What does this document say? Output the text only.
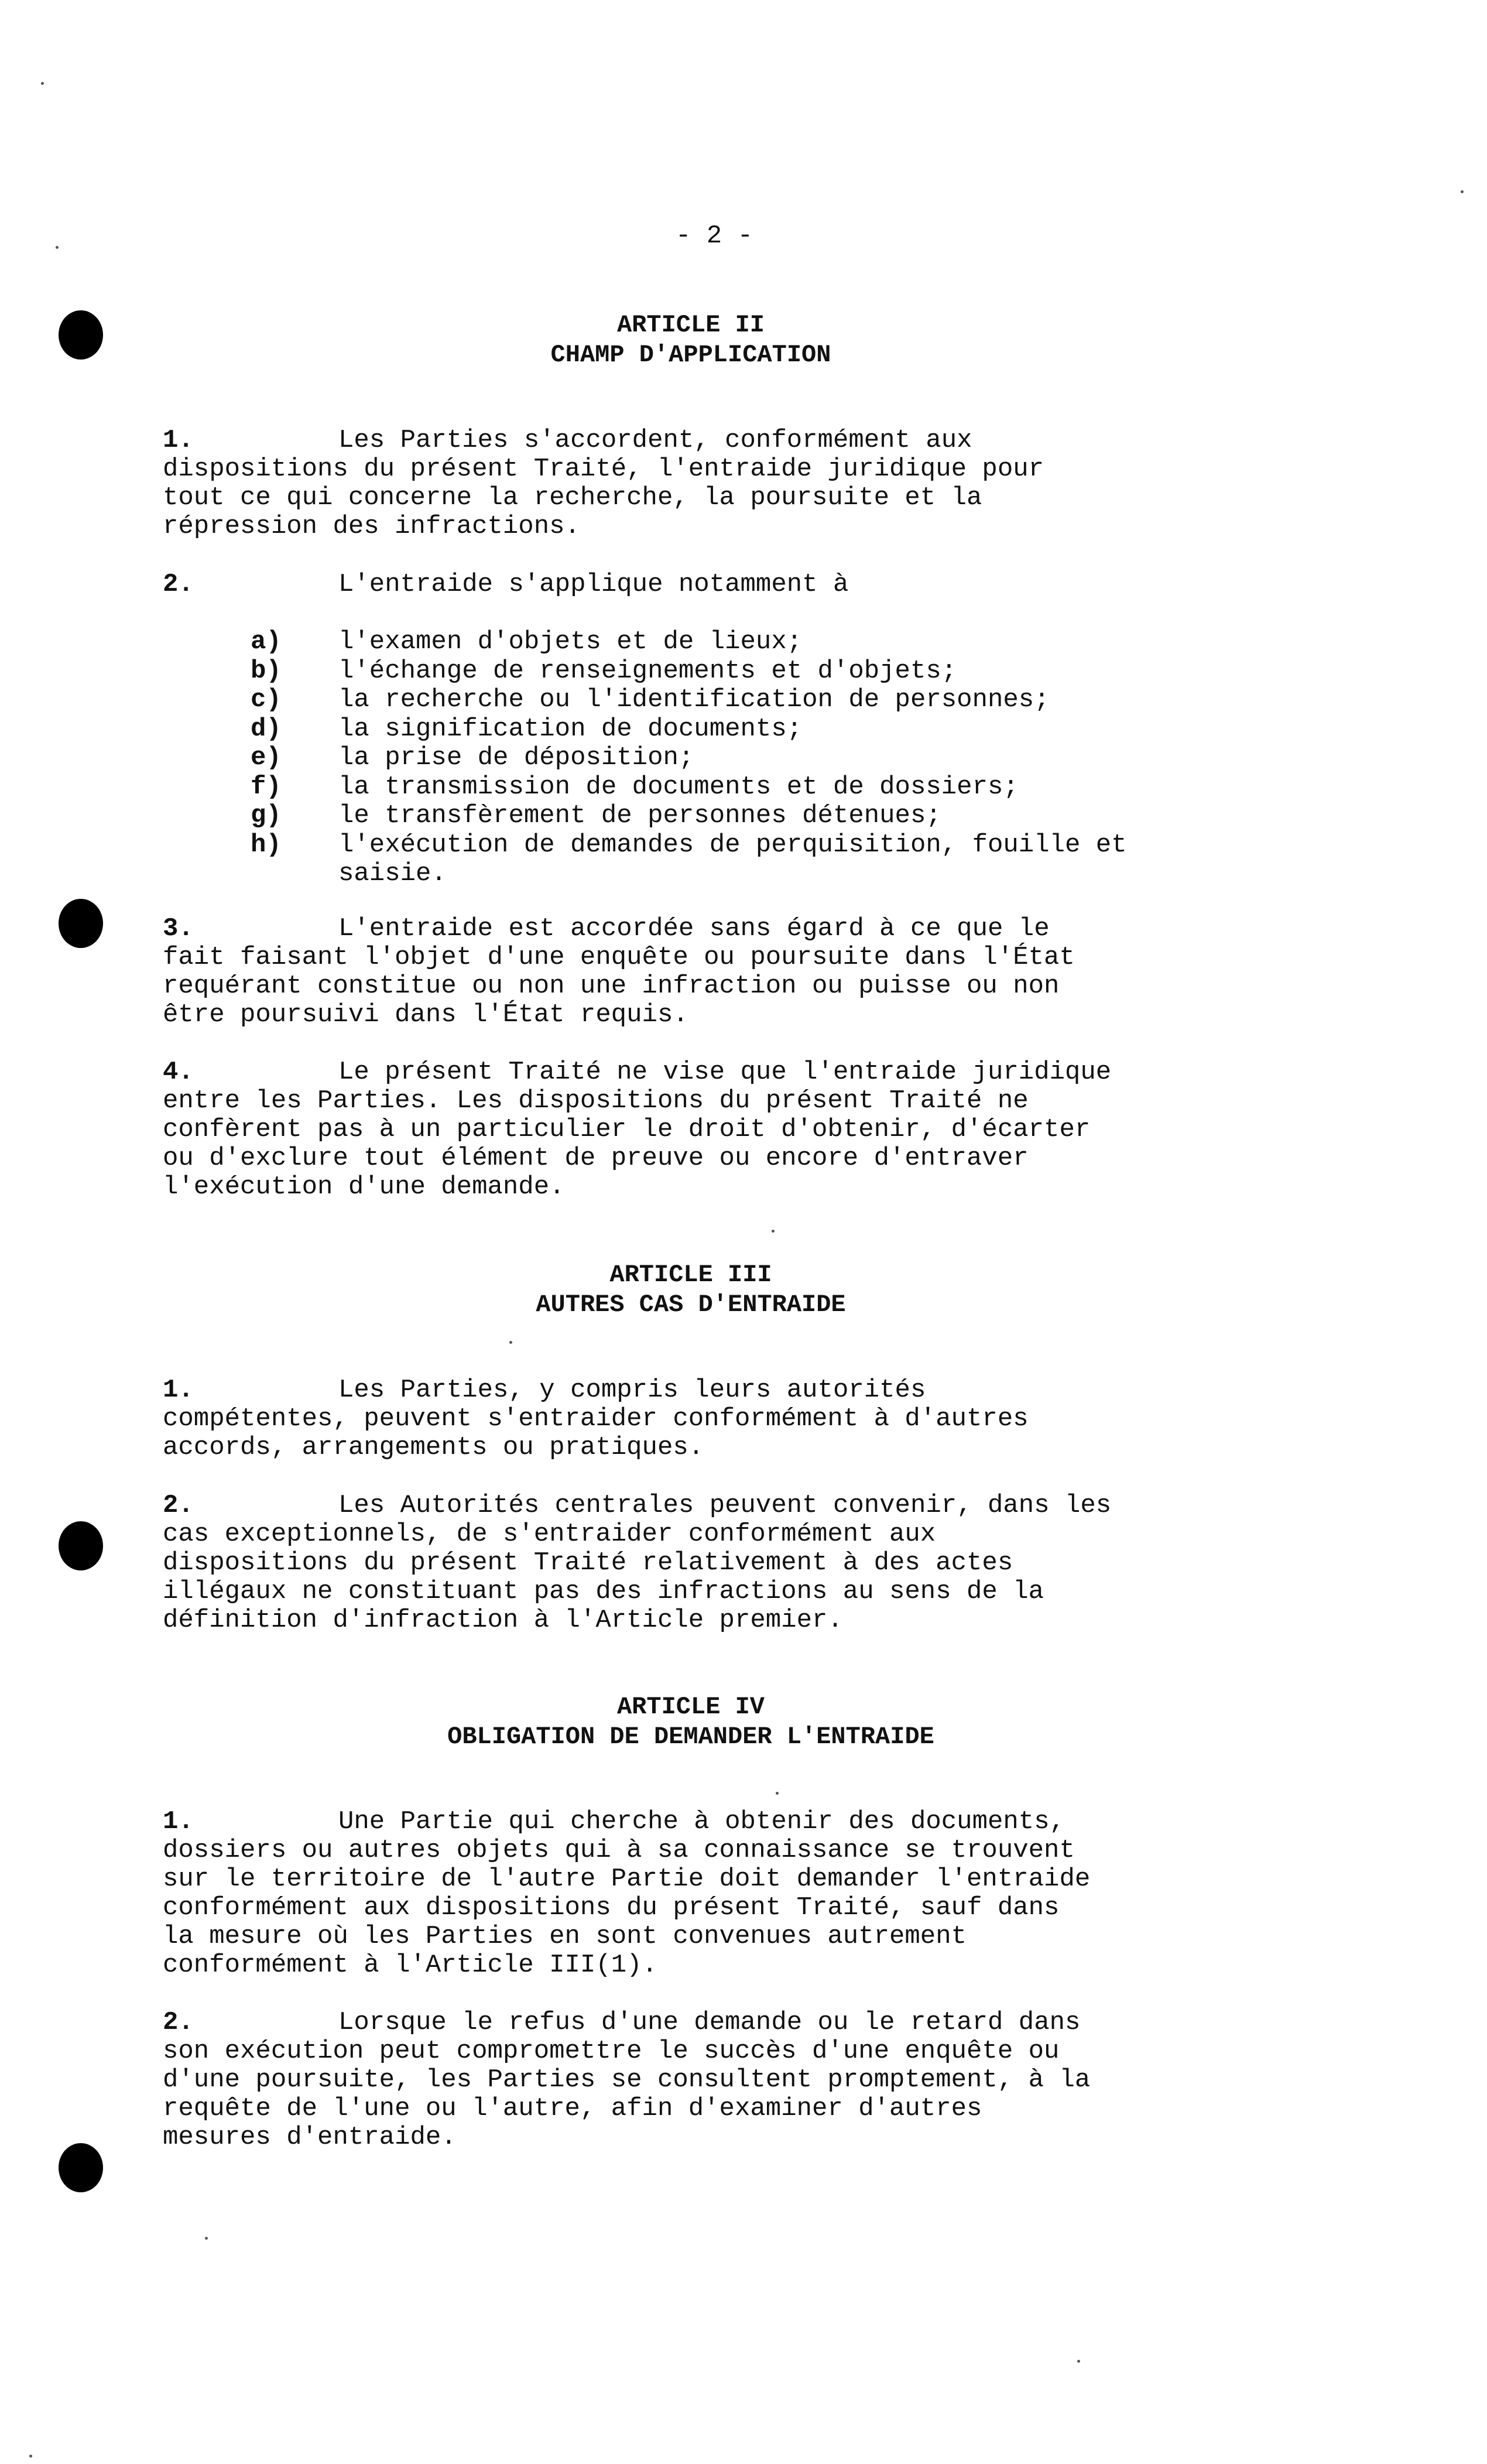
- 2 -
ARTICLE II
CHAMP D'APPLICATION
1.	Les Parties s'accordent, conformément aux
dispositions du présent Traité, l'entraide juridique pour
tout ce qui concerne la recherche, la poursuite et la
répression des infractions.
2.	L'entraide s'applique notamment à
a)	l'examen d'objets et de lieux;
b)	l'échange de renseignements et d'objets;
c)	la recherche ou l'identification de personnes;
d)	la signification de documents;
e)	la prise de déposition;
f)	la transmission de documents et de dossiers;
g)	le transfèrement de personnes détenues;
h)	l'exécution de demandes de perquisition, fouille et saisie.
3.	L'entraide est accordée sans égard à ce que le
fait faisant l'objet d'une enquête ou poursuite dans l'État
requérant constitue ou non une infraction ou puisse ou non
être poursuivi dans l'État requis.
4.	Le présent Traité ne vise que l'entraide juridique
entre les Parties. Les dispositions du présent Traité ne
confèrent pas à un particulier le droit d'obtenir, d'écarter
ou d'exclure tout élément de preuve ou encore d'entraver
l'exécution d'une demande.
ARTICLE III
AUTRES CAS D'ENTRAIDE
1.	Les Parties, y compris leurs autorités
compétentes, peuvent s'entraider conformément à d'autres
accords, arrangements ou pratiques.
2.	Les Autorités centrales peuvent convenir, dans les
cas exceptionnels, de s'entraider conformément aux
dispositions du présent Traité relativement à des actes
illégaux ne constituant pas des infractions au sens de la
définition d'infraction à l'Article premier.
ARTICLE IV
OBLIGATION DE DEMANDER L'ENTRAIDE
1.	Une Partie qui cherche à obtenir des documents,
dossiers ou autres objets qui à sa connaissance se trouvent
sur le territoire de l'autre Partie doit demander l'entraide
conformément aux dispositions du présent Traité, sauf dans
la mesure où les Parties en sont convenues autrement
conformément à l'Article III(1).
2.	Lorsque le refus d'une demande ou le retard dans
son exécution peut compromettre le succès d'une enquête ou
d'une poursuite, les Parties se consultent promptement, à la
requête de l'une ou l'autre, afin d'examiner d'autres
mesures d'entraide.
